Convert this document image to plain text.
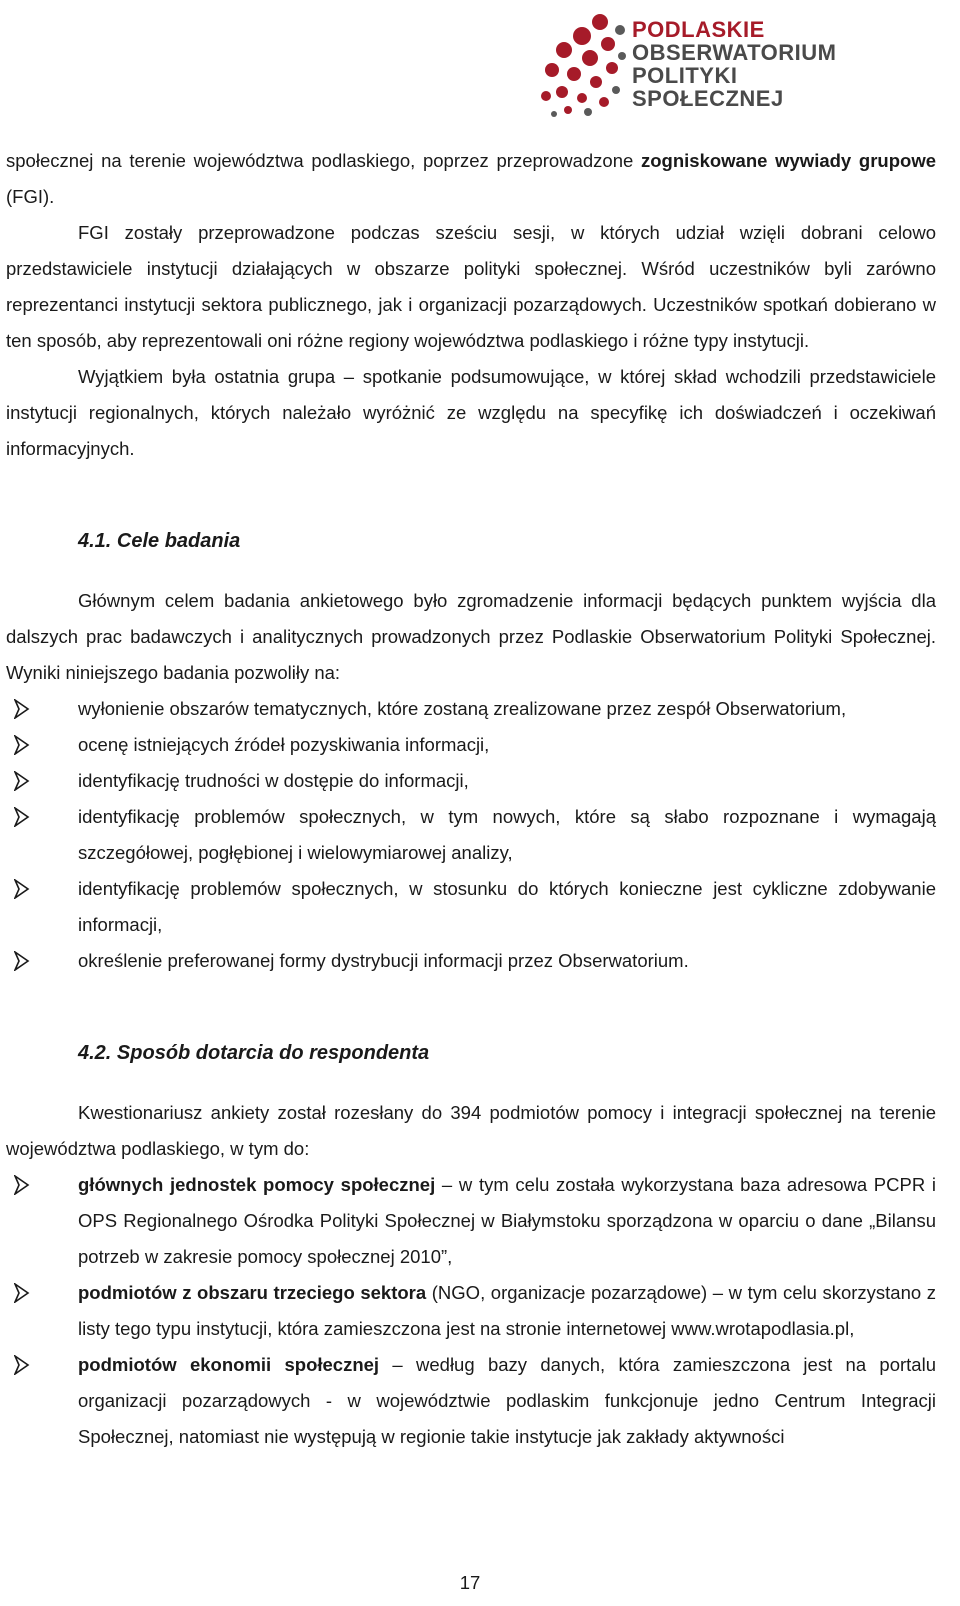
PODLASKIE
OBSERWATORIUM
POLITYKI
SPOŁECZNEJ

społecznej na terenie województwa podlaskiego, poprzez przeprowadzone zogniskowane wywiady grupowe (FGI).

FGI zostały przeprowadzone podczas sześciu sesji, w których udział wzięli dobrani celowo przedstawiciele instytucji działających w obszarze polityki społecznej. Wśród uczestników byli zarówno reprezentanci instytucji sektora publicznego, jak i organizacji pozarządowych. Uczestników spotkań dobierano w ten sposób, aby reprezentowali oni różne regiony województwa podlaskiego i różne typy instytucji.

Wyjątkiem była ostatnia grupa – spotkanie podsumowujące, w której skład wchodzili przedstawiciele instytucji regionalnych, których należało wyróżnić ze względu na specyfikę ich doświadczeń i oczekiwań informacyjnych.

4.1. Cele badania

Głównym celem badania ankietowego było zgromadzenie informacji będących punktem wyjścia dla dalszych prac badawczych i analitycznych prowadzonych przez Podlaskie Obserwatorium Polityki Społecznej. Wyniki niniejszego badania pozwoliły na:

wyłonienie obszarów tematycznych, które zostaną zrealizowane przez zespół Obserwatorium,
ocenę istniejących źródeł pozyskiwania informacji,
identyfikację trudności w dostępie do informacji,
identyfikację problemów społecznych, w tym nowych, które są słabo rozpoznane i wymagają szczegółowej, pogłębionej i wielowymiarowej analizy,
identyfikację problemów społecznych, w stosunku do których konieczne jest cykliczne zdobywanie informacji,
określenie preferowanej formy dystrybucji informacji przez Obserwatorium.
4.2. Sposób dotarcia do respondenta

Kwestionariusz ankiety został rozesłany do 394 podmiotów pomocy i integracji społecznej na terenie województwa podlaskiego, w tym do:

głównych jednostek pomocy społecznej – w tym celu została wykorzystana baza adresowa PCPR i OPS Regionalnego Ośrodka Polityki Społecznej w Białymstoku sporządzona w oparciu o dane „Bilansu potrzeb w zakresie pomocy społecznej 2010”,
podmiotów z obszaru trzeciego sektora (NGO, organizacje pozarządowe) – w tym celu skorzystano z listy tego typu instytucji, która zamieszczona jest na stronie internetowej www.wrotapodlasia.pl,
podmiotów ekonomii społecznej – według bazy danych, która zamieszczona jest na portalu organizacji pozarządowych - w województwie podlaskim funkcjonuje jedno Centrum Integracji Społecznej, natomiast nie występują w regionie takie instytucje jak zakłady aktywności
17
